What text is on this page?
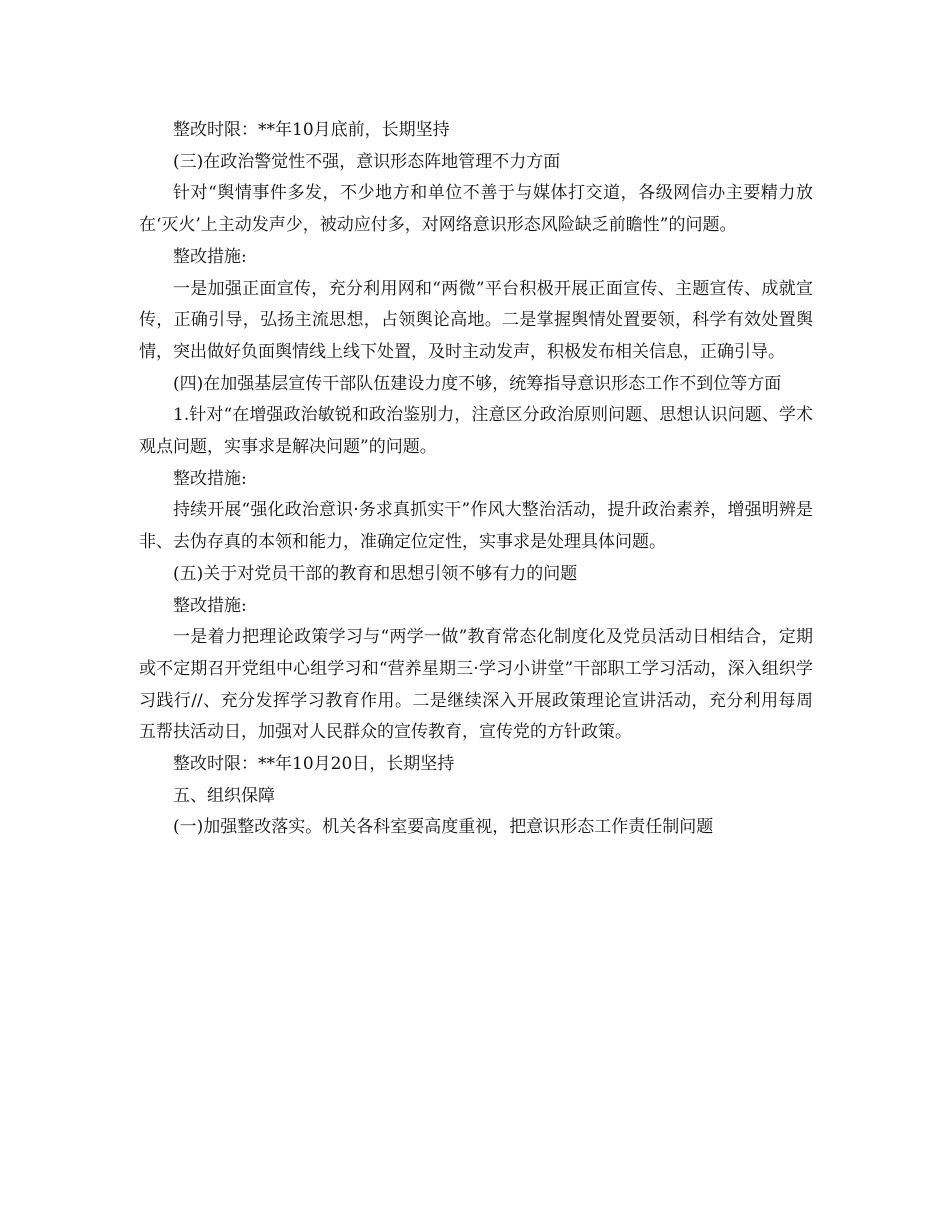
整改时限：**年10月底前，长期坚持

(三)在政治警觉性不强，意识形态阵地管理不力方面

针对“舆情事件多发，不少地方和单位不善于与媒体打交道，各级网信办主要精力放在‘灭火’上主动发声少，被动应付多，对网络意识形态风险缺乏前瞻性”的问题。

整改措施:

一是加强正面宣传，充分利用网和“两微”平台积极开展正面宣传、主题宣传、成就宣传，正确引导，弘扬主流思想，占领舆论高地。二是掌握舆情处置要领，科学有效处置舆情，突出做好负面舆情线上线下处置，及时主动发声，积极发布相关信息，正确引导。

(四)在加强基层宣传干部队伍建设力度不够，统筹指导意识形态工作不到位等方面

1.针对“在增强政治敏锐和政治鉴别力，注意区分政治原则问题、思想认识问题、学术观点问题，实事求是解决问题”的问题。

整改措施:

持续开展“强化政治意识·务求真抓实干”作风大整治活动，提升政治素养，增强明辨是非、去伪存真的本领和能力，准确定位定性，实事求是处理具体问题。

(五)关于对党员干部的教育和思想引领不够有力的问题

整改措施:

一是着力把理论政策学习与“两学一做”教育常态化制度化及党员活动日相结合，定期或不定期召开党组中心组学习和“营养星期三·学习小讲堂”干部职工学习活动，深入组织学习践行//、充分发挥学习教育作用。二是继续深入开展政策理论宣讲活动，充分利用每周五帮扶活动日，加强对人民群众的宣传教育，宣传党的方针政策。

整改时限：**年10月20日，长期坚持

五、组织保障

(一)加强整改落实。机关各科室要高度重视，把意识形态工作责任制问题
